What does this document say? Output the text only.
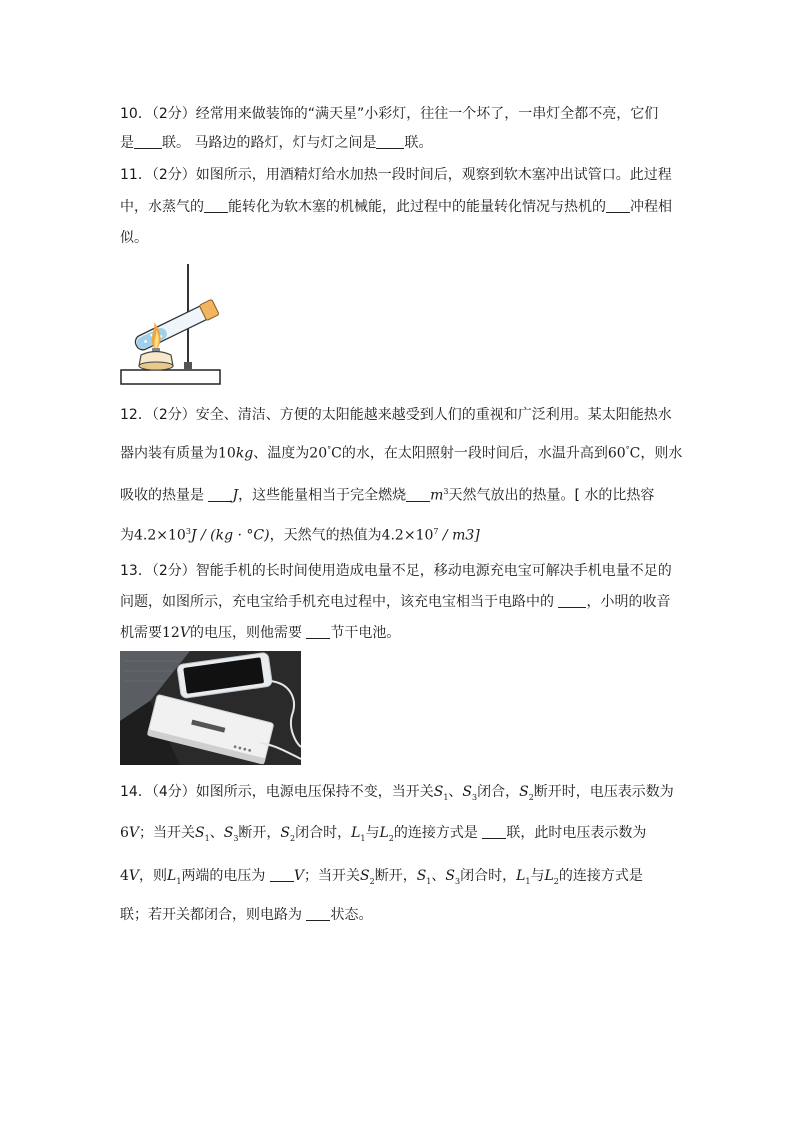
10．（2分）经常用来做装饰的“满天星”小彩灯，往往一个坏了，一串灯全都不亮，它们
是 联。 马路边的路灯，灯与灯之间是 联。
11．（2分）如图所示，用酒精灯给水加热一段时间后，观察到软木塞冲出试管口。此过程
中，水蒸气的 能转化为软木塞的机械能，此过程中的能量转化情况与热机的 冲程相
似。
12．（2分）安全、清洁、方便的太阳能越来越受到人们的重视和广泛利用。某太阳能热水
器内装有质量为10kg、温度为20°C的水，在太阳照射一段时间后，水温升高到60°C，则水
吸收的热量是 J，这些能量相当于完全燃烧 $m^3$天然气放出的热量。[ 水的比热容
为$4.2\times 10^3J / (kg \cdot ^\circ C)$，天然气的热值为$4.2\times 10^7 / m3$]
13．（2分）智能手机的长时间使用造成电量不足，移动电源充电宝可解决手机电量不足的
问题，如图所示，充电宝给手机充电过程中，该充电宝相当于电路中的 ，小明的收音
机需要12V的电压，则他需要 节干电池。
14．（4分）如图所示，电源电压保持不变，当开关$S_1$、$S_3$闭合，$S_2$断开时，电压表示数为
6V；当开关$S_1$、$S_3$断开，$S_2$闭合时，$L_1$与$L_2$的连接方式是 联，此时电压表示数为
4V，则$L_1$两端的电压为 V；当开关$S_2$断开，$S_1$、$S_3$闭合时，$L_1$与$L_2$的连接方式是
联；若开关都闭合，则电路为 状态。
